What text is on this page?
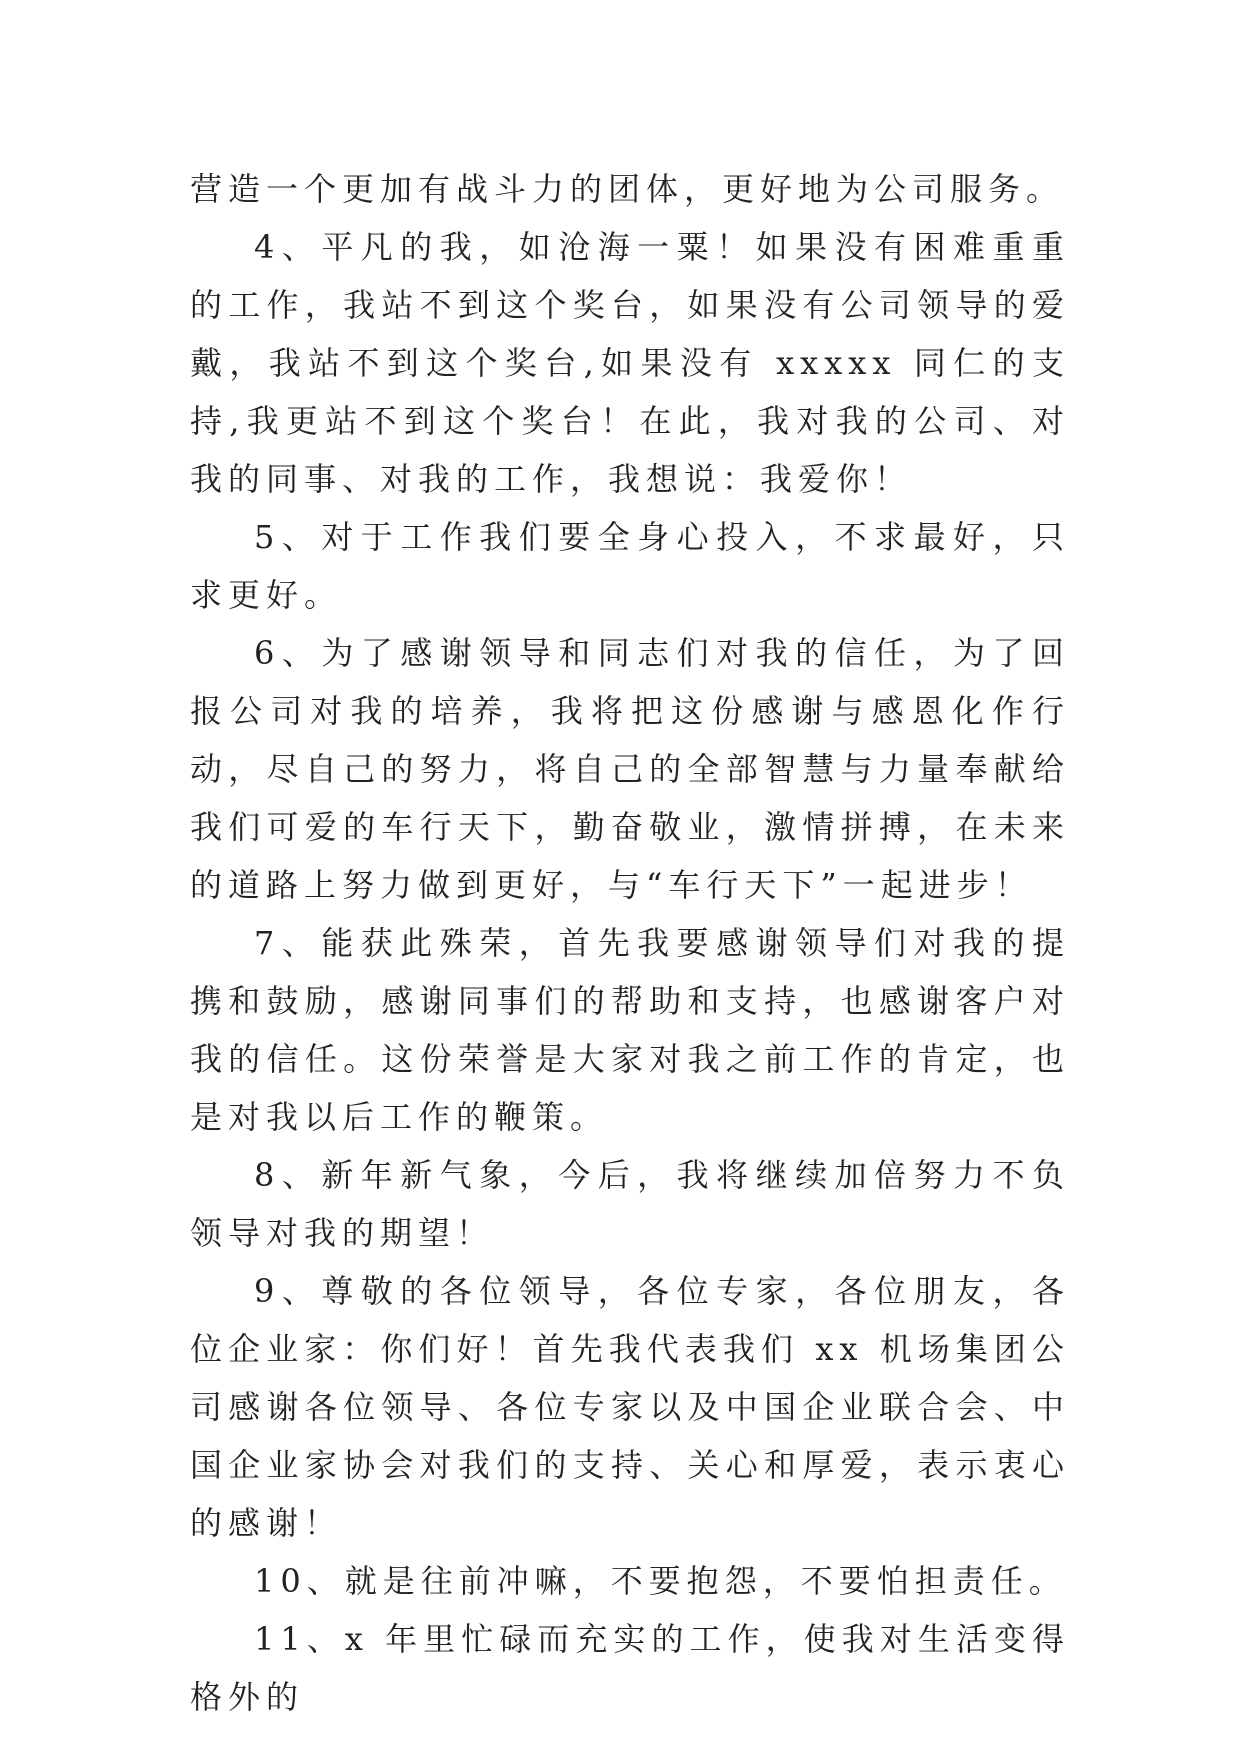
营造一个更加有战斗力的团体，更好地为公司服务。

4、平凡的我，如沧海一粟！如果没有困难重重的工作，我站不到这个奖台，如果没有公司领导的爱戴，我站不到这个奖台,如果没有 xxxxx 同仁的支持,我更站不到这个奖台！在此，我对我的公司、对我的同事、对我的工作，我想说：我爱你！

5、对于工作我们要全身心投入，不求最好，只求更好。

6、为了感谢领导和同志们对我的信任，为了回报公司对我的培养，我将把这份感谢与感恩化作行动，尽自己的努力，将自己的全部智慧与力量奉献给我们可爱的车行天下，勤奋敬业，激情拼搏，在未来的道路上努力做到更好，与“车行天下”一起进步！

7、能获此殊荣，首先我要感谢领导们对我的提携和鼓励，感谢同事们的帮助和支持，也感谢客户对我的信任。这份荣誉是大家对我之前工作的肯定，也是对我以后工作的鞭策。

8、新年新气象，今后，我将继续加倍努力不负领导对我的期望！

9、尊敬的各位领导，各位专家，各位朋友，各位企业家：你们好！首先我代表我们 xx 机场集团公司感谢各位领导、各位专家以及中国企业联合会、中国企业家协会对我们的支持、关心和厚爱，表示衷心的感谢！

10、就是往前冲嘛，不要抱怨，不要怕担责任。

11、x 年里忙碌而充实的工作，使我对生活变得格外的
